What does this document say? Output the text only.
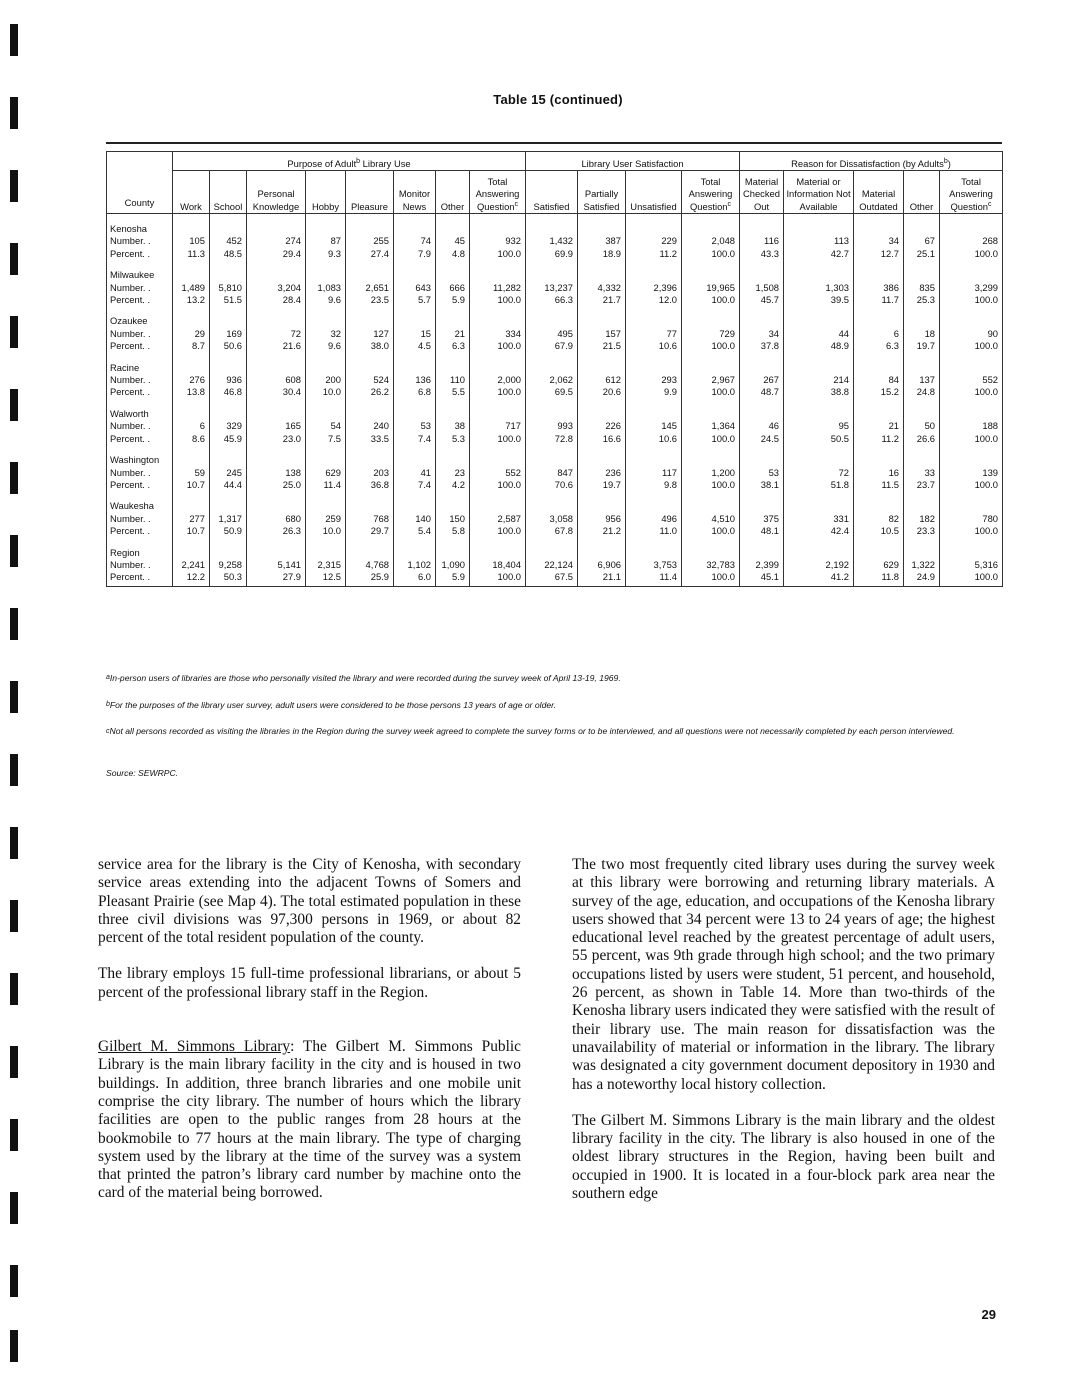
Table 15 (continued)
County	Purpose of Adult$^b$ Library Use								Library User Satisfaction				Reason for Dissatisfaction (by Adults$^b$)				
	Work	School	Personal Knowledge	Hobby	Pleasure	Monitor News	Other	Total Answering Question$^c$	Satisfied	Partially Satisfied	Unsatisfied	Total Answering Question$^c$	Material Checked Out	Material or Information Not Available	Material Outdated	Other	Total Answering Question$^c$
Kenosha																	
Number. .	105	452	274	87	255	74	45	932	1,432	387	229	2,048	116	113	34	67	268
Percent. .	11.3	48.5	29.4	9.3	27.4	7.9	4.8	100.0	69.9	18.9	11.2	100.0	43.3	42.7	12.7	25.1	100.0
Milwaukee																	
Number. .	1,489	5,810	3,204	1,083	2,651	643	666	11,282	13,237	4,332	2,396	19,965	1,508	1,303	386	835	3,299
Percent. .	13.2	51.5	28.4	9.6	23.5	5.7	5.9	100.0	66.3	21.7	12.0	100.0	45.7	39.5	11.7	25.3	100.0
Ozaukee																	
Number. .	29	169	72	32	127	15	21	334	495	157	77	729	34	44	6	18	90
Percent. .	8.7	50.6	21.6	9.6	38.0	4.5	6.3	100.0	67.9	21.5	10.6	100.0	37.8	48.9	6.3	19.7	100.0
Racine																	
Number. .	276	936	608	200	524	136	110	2,000	2,062	612	293	2,967	267	214	84	137	552
Percent. .	13.8	46.8	30.4	10.0	26.2	6.8	5.5	100.0	69.5	20.6	9.9	100.0	48.7	38.8	15.2	24.8	100.0
Walworth																	
Number. .	6	329	165	54	240	53	38	717	993	226	145	1,364	46	95	21	50	188
Percent. .	8.6	45.9	23.0	7.5	33.5	7.4	5.3	100.0	72.8	16.6	10.6	100.0	24.5	50.5	11.2	26.6	100.0
Washington																	
Number. .	59	245	138	629	203	41	23	552	847	236	117	1,200	53	72	16	33	139
Percent. .	10.7	44.4	25.0	11.4	36.8	7.4	4.2	100.0	70.6	19.7	9.8	100.0	38.1	51.8	11.5	23.7	100.0
Waukesha																	
Number. .	277	1,317	680	259	768	140	150	2,587	3,058	956	496	4,510	375	331	82	182	780
Percent. .	10.7	50.9	26.3	10.0	29.7	5.4	5.8	100.0	67.8	21.2	11.0	100.0	48.1	42.4	10.5	23.3	100.0
Region																	
Number. .	2,241	9,258	5,141	2,315	4,768	1,102	1,090	18,404	22,124	6,906	3,753	32,783	2,399	2,192	629	1,322	5,316
Percent. .	12.2	50.3	27.9	12.5	25.9	6.0	5.9	100.0	67.5	21.1	11.4	100.0	45.1	41.2	11.8	24.9	100.0
$^a$In-person users of libraries are those who personally visited the library and were recorded during the survey week of April 13-19, 1969.
$^b$For the purposes of the library user survey, adult users were considered to be those persons 13 years of age or older.
$^c$Not all persons recorded as visiting the libraries in the Region during the survey week agreed to complete the survey forms or to be interviewed, and all questions were not necessarily completed by each person interviewed.
Source: SEWRPC.

service area for the library is the City of Kenosha, with secondary service areas extending into the adjacent Towns of Somers and Pleasant Prairie (see Map 4). The total estimated population in these three civil divisions was 97,300 persons in 1969, or about 82 percent of the total resident population of the county.

The library employs 15 full-time professional librarians, or about 5 percent of the professional library staff in the Region.

Gilbert M. Simmons Library: The Gilbert M. Simmons Public Library is the main library facility in the city and is housed in two buildings. In addition, three branch libraries and one mobile unit comprise the city library. The number of hours which the library facilities are open to the public ranges from 28 hours at the bookmobile to 77 hours at the main library. The type of charging system used by the library at the time of the survey was a system that printed the patron’s library card number by machine onto the card of the material being borrowed.

The two most frequently cited library uses during the survey week at this library were borrowing and returning library materials. A survey of the age, education, and occupations of the Kenosha library users showed that 34 percent were 13 to 24 years of age; the highest educational level reached by the greatest percentage of adult users, 55 percent, was 9th grade through high school; and the two primary occupations listed by users were student, 51 percent, and household, 26 percent, as shown in Table 14. More than two-thirds of the Kenosha library users indicated they were satisfied with the result of their library use. The main reason for dissatisfaction was the unavailability of material or information in the library. The library was designated a city government document depository in 1930 and has a noteworthy local history collection.

The Gilbert M. Simmons Library is the main library and the oldest library facility in the city. The library is also housed in one of the oldest library structures in the Region, having been built and occupied in 1900. It is located in a four-block park area near the southern edge

29
